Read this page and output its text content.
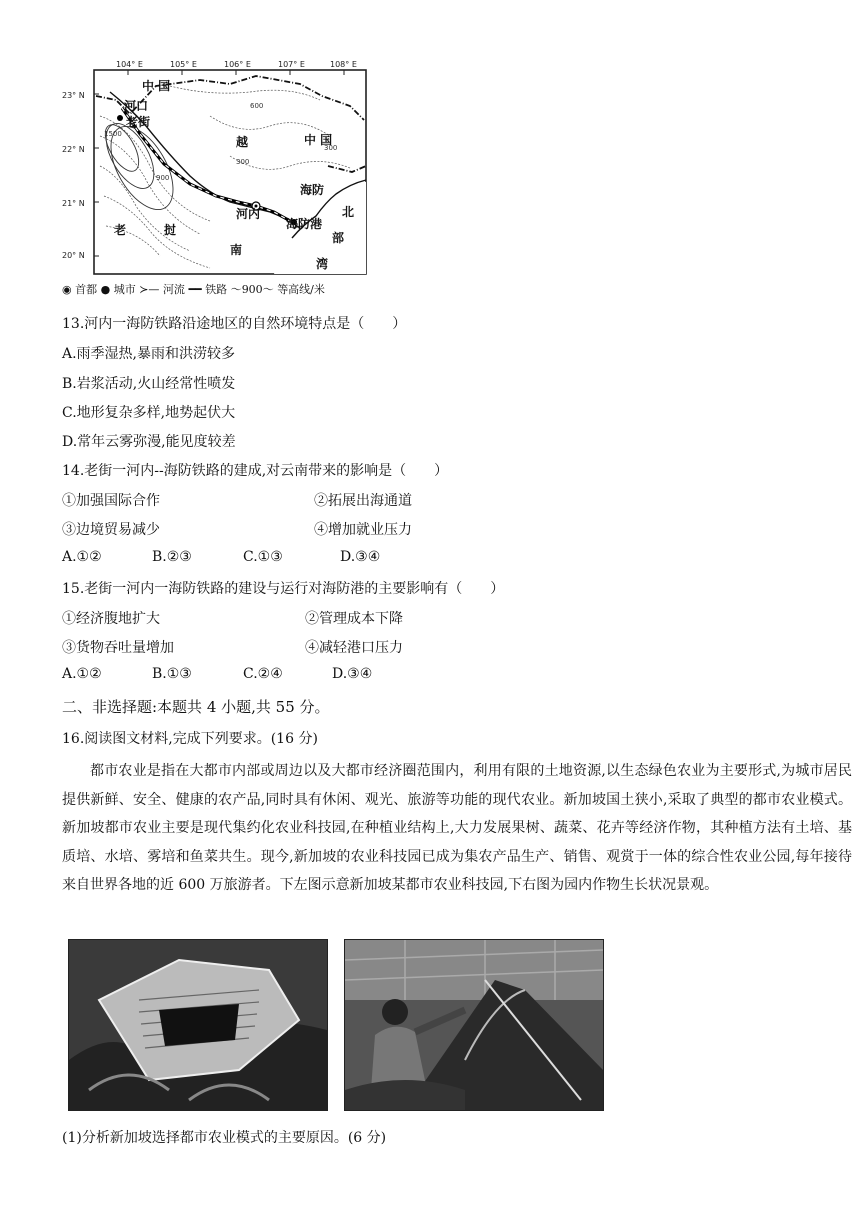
104° E	105° E	106° E	107° E	108° E
23° N
22° N
21° N
20° N
中 国
河口
老街
越	中 国
海防
河内
海防港
老	挝
南
北
部
湾
600
300
300
1500
900
◉ 首都 ● 城市 ≻— 河流 ━━ 铁路 〜900〜 等高线/米
13.河内一海防铁路沿途地区的自然环境特点是（　　）
A.雨季湿热,暴雨和洪涝较多
B.岩浆活动,火山经常性喷发
C.地形复杂多样,地势起伏大
D.常年云雾弥漫,能见度较差
14.老街一河内--海防铁路的建成,对云南带来的影响是（　　）
①加强国际合作	②拓展出海通道
③边境贸易减少	④增加就业压力
A.①②	B.②③	C.①③	D.③④
15.老街一河内一海防铁路的建设与运行对海防港的主要影响有（　　）
①经济腹地扩大	②管理成本下降
③货物吞吐量增加	④减轻港口压力
A.①②	B.①③	C.②④	D.③④
二、非选择题:本题共 4 小题,共 55 分。
16.阅读图文材料,完成下列要求。(16 分)

都市农业是指在大都市内部或周边以及大都市经济圈范围内，利用有限的土地资源,以生态绿色农业为主要形式,为城市居民提供新鲜、安全、健康的农产品,同时具有休闲、观光、旅游等功能的现代农业。新加坡国土狭小,采取了典型的都市农业模式。新加坡都市农业主要是现代集约化农业科技园,在种植业结构上,大力发展果树、蔬菜、花卉等经济作物，其种植方法有土培、基质培、水培、雾培和鱼菜共生。现今,新加坡的农业科技园已成为集农产品生产、销售、观赏于一体的综合性农业公园,每年接待来自世界各地的近 600 万旅游者。下左图示意新加坡某都市农业科技园,下右图为园内作物生长状况景观。

(1)分析新加坡选择都市农业模式的主要原因。(6 分)
